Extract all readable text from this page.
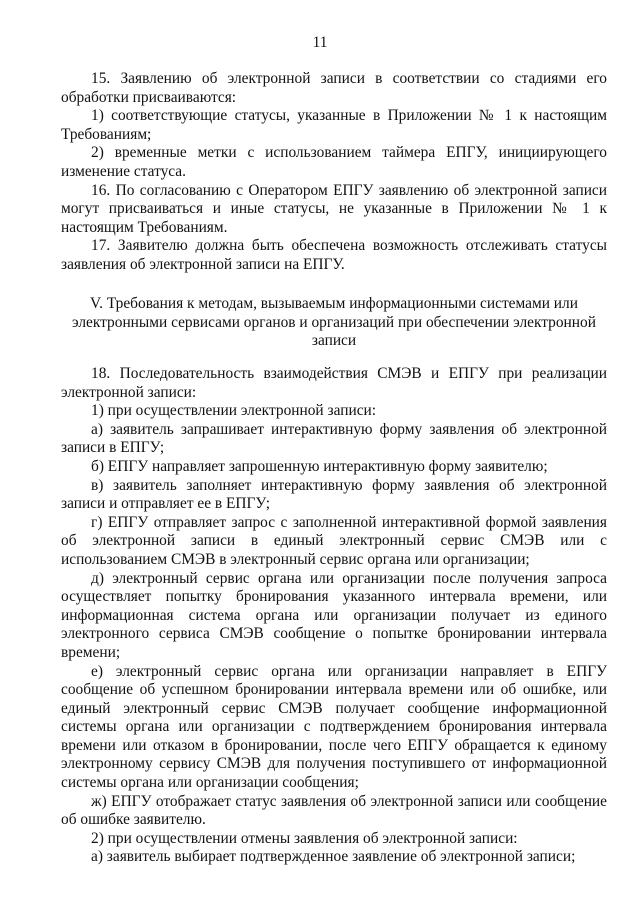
11

15. Заявлению об электронной записи в соответствии со стадиями его обработки присваиваются:

1) соответствующие статусы, указанные в Приложении № 1 к настоящим Требованиям;

2) временные метки с использованием таймера ЕПГУ, инициирующего изменение статуса.

16. По согласованию с Оператором ЕПГУ заявлению об электронной записи могут присваиваться и иные статусы, не указанные в Приложении № 1 к настоящим Требованиям.

17. Заявителю должна быть обеспечена возможность отслеживать статусы заявления об электронной записи на ЕПГУ.

V. Требования к методам, вызываемым информационными системами или

электронными сервисами органов и организаций при обеспечении электронной

записи

18. Последовательность взаимодействия СМЭВ и ЕПГУ при реализации электронной записи:

1) при осуществлении электронной записи:

а) заявитель запрашивает интерактивную форму заявления об электронной записи в ЕПГУ;

б) ЕПГУ направляет запрошенную интерактивную форму заявителю;

в) заявитель заполняет интерактивную форму заявления об электронной записи и отправляет ее в ЕПГУ;

г) ЕПГУ отправляет запрос с заполненной интерактивной формой заявления об электронной записи в единый электронный сервис СМЭВ или с использованием СМЭВ в электронный сервис органа или организации;

д) электронный сервис органа или организации после получения запроса осуществляет попытку бронирования указанного интервала времени, или информационная система органа или организации получает из единого электронного сервиса СМЭВ сообщение о попытке бронировании интервала времени;

е) электронный сервис органа или организации направляет в ЕПГУ сообщение об успешном бронировании интервала времени или об ошибке, или единый электронный сервис СМЭВ получает сообщение информационной системы органа или организации с подтверждением бронирования интервала времени или отказом в бронировании, после чего ЕПГУ обращается к единому электронному сервису СМЭВ для получения поступившего от информационной системы органа или организации сообщения;

ж) ЕПГУ отображает статус заявления об электронной записи или сообщение об ошибке заявителю.

2) при осуществлении отмены заявления об электронной записи:

а) заявитель выбирает подтвержденное заявление об электронной записи;
